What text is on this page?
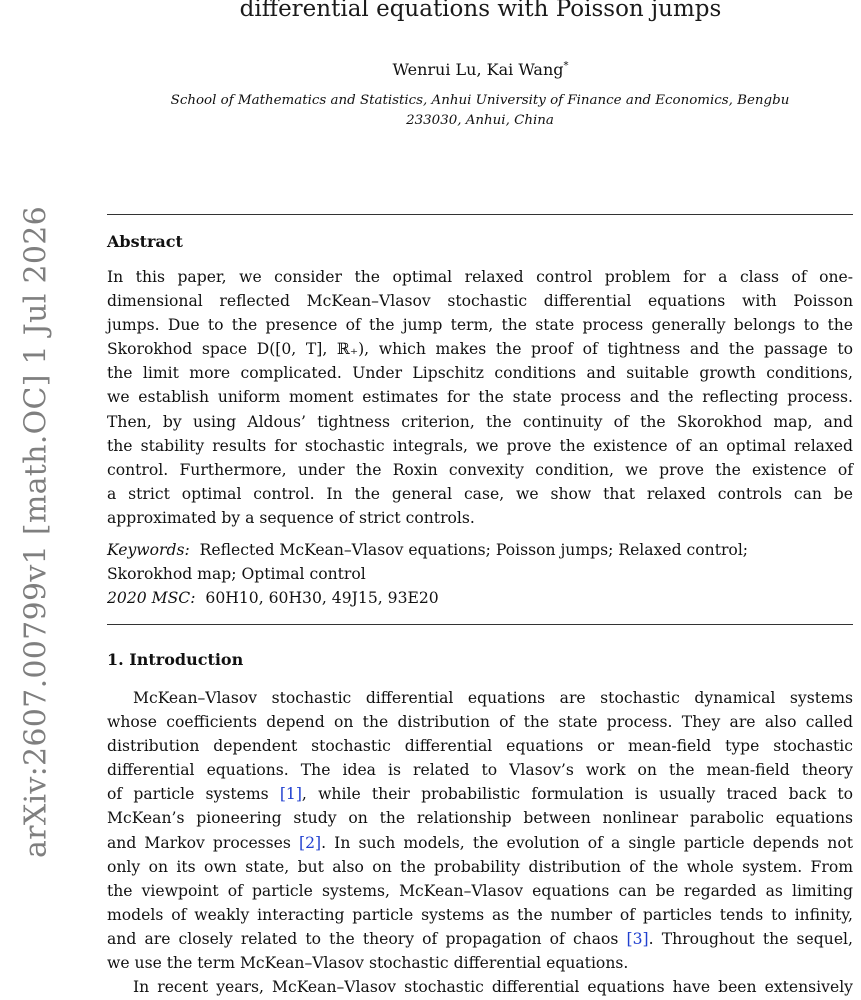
arXiv:2607.00799v1 [math.OC] 1 Jul 2026
differential equations with Poisson jumps
Wenrui Lu, Kai Wang*
School of Mathematics and Statistics, Anhui University of Finance and Economics, Bengbu
233030, Anhui, China
Abstract
In this paper, we consider the optimal relaxed control problem for a class of one-
dimensional reflected McKean–Vlasov stochastic differential equations with Poisson
jumps. Due to the presence of the jump term, the state process generally belongs to the
Skorokhod space D([0, T], ℝ₊), which makes the proof of tightness and the passage to
the limit more complicated. Under Lipschitz conditions and suitable growth conditions,
we establish uniform moment estimates for the state process and the reflecting process.
Then, by using Aldous’ tightness criterion, the continuity of the Skorokhod map, and
the stability results for stochastic integrals, we prove the existence of an optimal relaxed
control. Furthermore, under the Roxin convexity condition, we prove the existence of
a strict optimal control. In the general case, we show that relaxed controls can be
approximated by a sequence of strict controls.
Keywords: Reflected McKean–Vlasov equations; Poisson jumps; Relaxed control;
Skorokhod map; Optimal control
2020 MSC: 60H10, 60H30, 49J15, 93E20
1. Introduction
McKean–Vlasov stochastic differential equations are stochastic dynamical systems
whose coefficients depend on the distribution of the state process. They are also called
distribution dependent stochastic differential equations or mean-field type stochastic
differential equations. The idea is related to Vlasov’s work on the mean-field theory
of particle systems [1], while their probabilistic formulation is usually traced back to
McKean’s pioneering study on the relationship between nonlinear parabolic equations
and Markov processes [2]. In such models, the evolution of a single particle depends not
only on its own state, but also on the probability distribution of the whole system. From
the viewpoint of particle systems, McKean–Vlasov equations can be regarded as limiting
models of weakly interacting particle systems as the number of particles tends to infinity,
and are closely related to the theory of propagation of chaos [3]. Throughout the sequel,
we use the term McKean–Vlasov stochastic differential equations.
In recent years, McKean–Vlasov stochastic differential equations have been extensively
